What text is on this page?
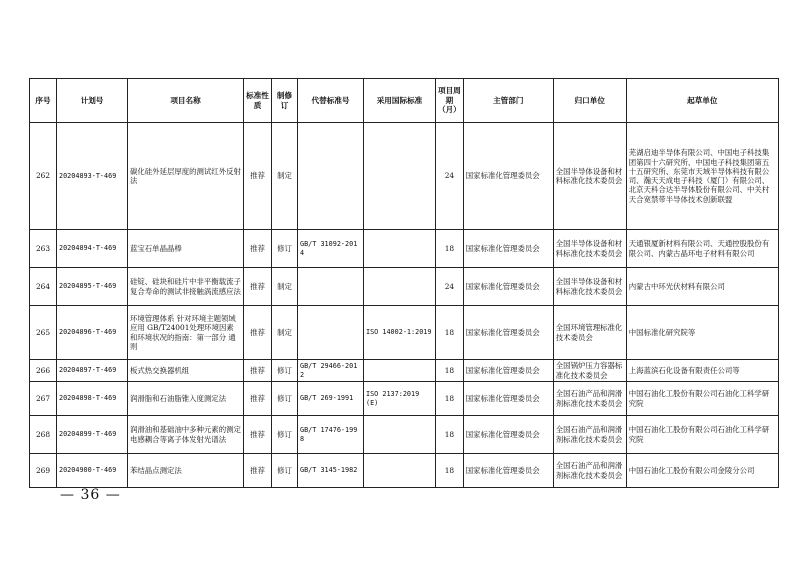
序号	计划号	项目名称	标准性质	制修订	代替标准号	采用国际标准	项目周期（月）	主管部门	归口单位	起草单位
262	20204893-T-469	碳化硅外延层厚度的测试红外反射法	推荐	制定			24	国家标准化管理委员会	全国半导体设备和材料标准化技术委员会	芜湖启迪半导体有限公司、中国电子科技集团第四十六研究所、中国电子科技集团第五十五研究所、东莞市天域半导体科技有限公司、瀚天天成电子科技（厦门）有限公司、北京天科合达半导体股份有限公司、中关村天合宽禁带半导体技术创新联盟
263	20204894-T-469	蓝宝石单晶晶棒	推荐	修订	GB/T 31092-2014		18	国家标准化管理委员会	全国半导体设备和材料标准化技术委员会	天通银厦新材料有限公司、天通控股股份有限公司、内蒙古晶环电子材料有限公司
264	20204895-T-469	硅锭、硅块和硅片中非平衡载流子复合寿命的测试非接触涡流感应法	推荐	制定			24	国家标准化管理委员会	全国半导体设备和材料标准化技术委员会	内蒙古中环光伏材料有限公司
265	20204896-T-469	环境管理体系 针对环境主题领域应用 GB/T24001处理环境因素和环境状况的指南：第一部分 通则	推荐	制定		ISO 14002-1:2019	18	国家标准化管理委员会	全国环境管理标准化技术委员会	中国标准化研究院等
266	20204897-T-469	板式热交换器机组	推荐	修订	GB/T 29466-2012		18	国家标准化管理委员会	全国锅炉压力容器标准化技术委员会	上海蓝滨石化设备有限责任公司等
267	20204898-T-469	润滑脂和石油脂锥入度测定法	推荐	修订	GB/T 269-1991	ISO 2137:2019 (E)	18	国家标准化管理委员会	全国石油产品和润滑剂标准化技术委员会	中国石油化工股份有限公司石油化工科学研究院
268	20204899-T-469	润滑油和基础油中多种元素的测定 电感耦合等离子体发射光谱法	推荐	修订	GB/T 17476-1998		18	国家标准化管理委员会	全国石油产品和润滑剂标准化技术委员会	中国石油化工股份有限公司石油化工科学研究院
269	20204900-T-469	苯结晶点测定法	推荐	修订	GB/T 3145-1982		18	国家标准化管理委员会	全国石油产品和润滑剂标准化技术委员会	中国石油化工股份有限公司金陵分公司
— 36 —
